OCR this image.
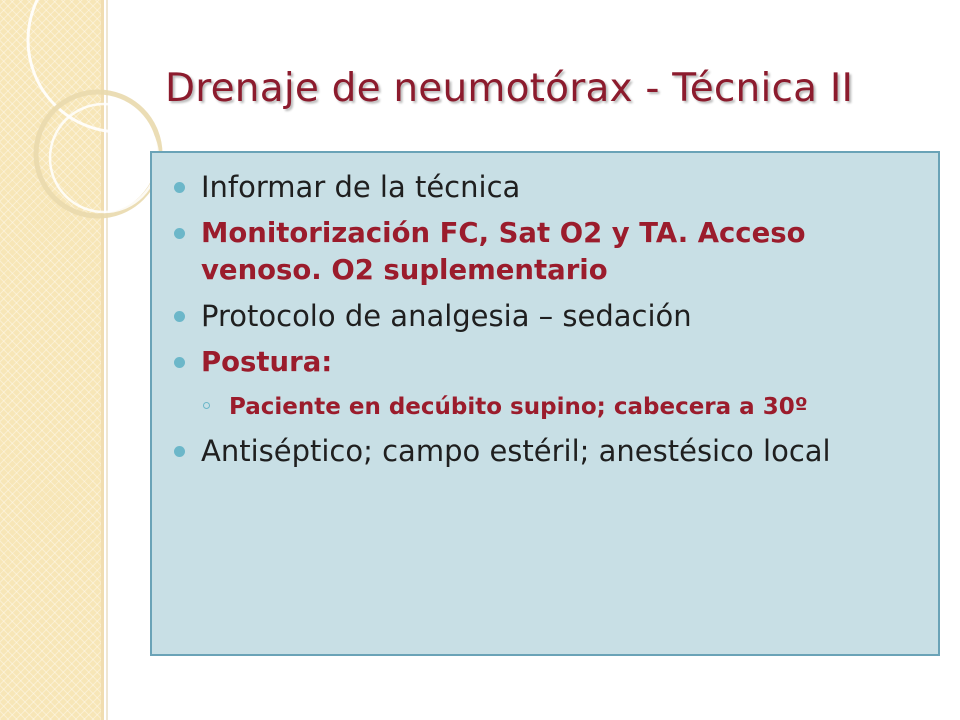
Drenaje de neumotórax - Técnica II
Informar de la técnica
Monitorización FC, Sat O2 y TA. Acceso venoso. O2 suplementario
Protocolo de analgesia – sedación
Postura:
Paciente en decúbito supino; cabecera a 30º
Antiséptico; campo estéril; anestésico local
